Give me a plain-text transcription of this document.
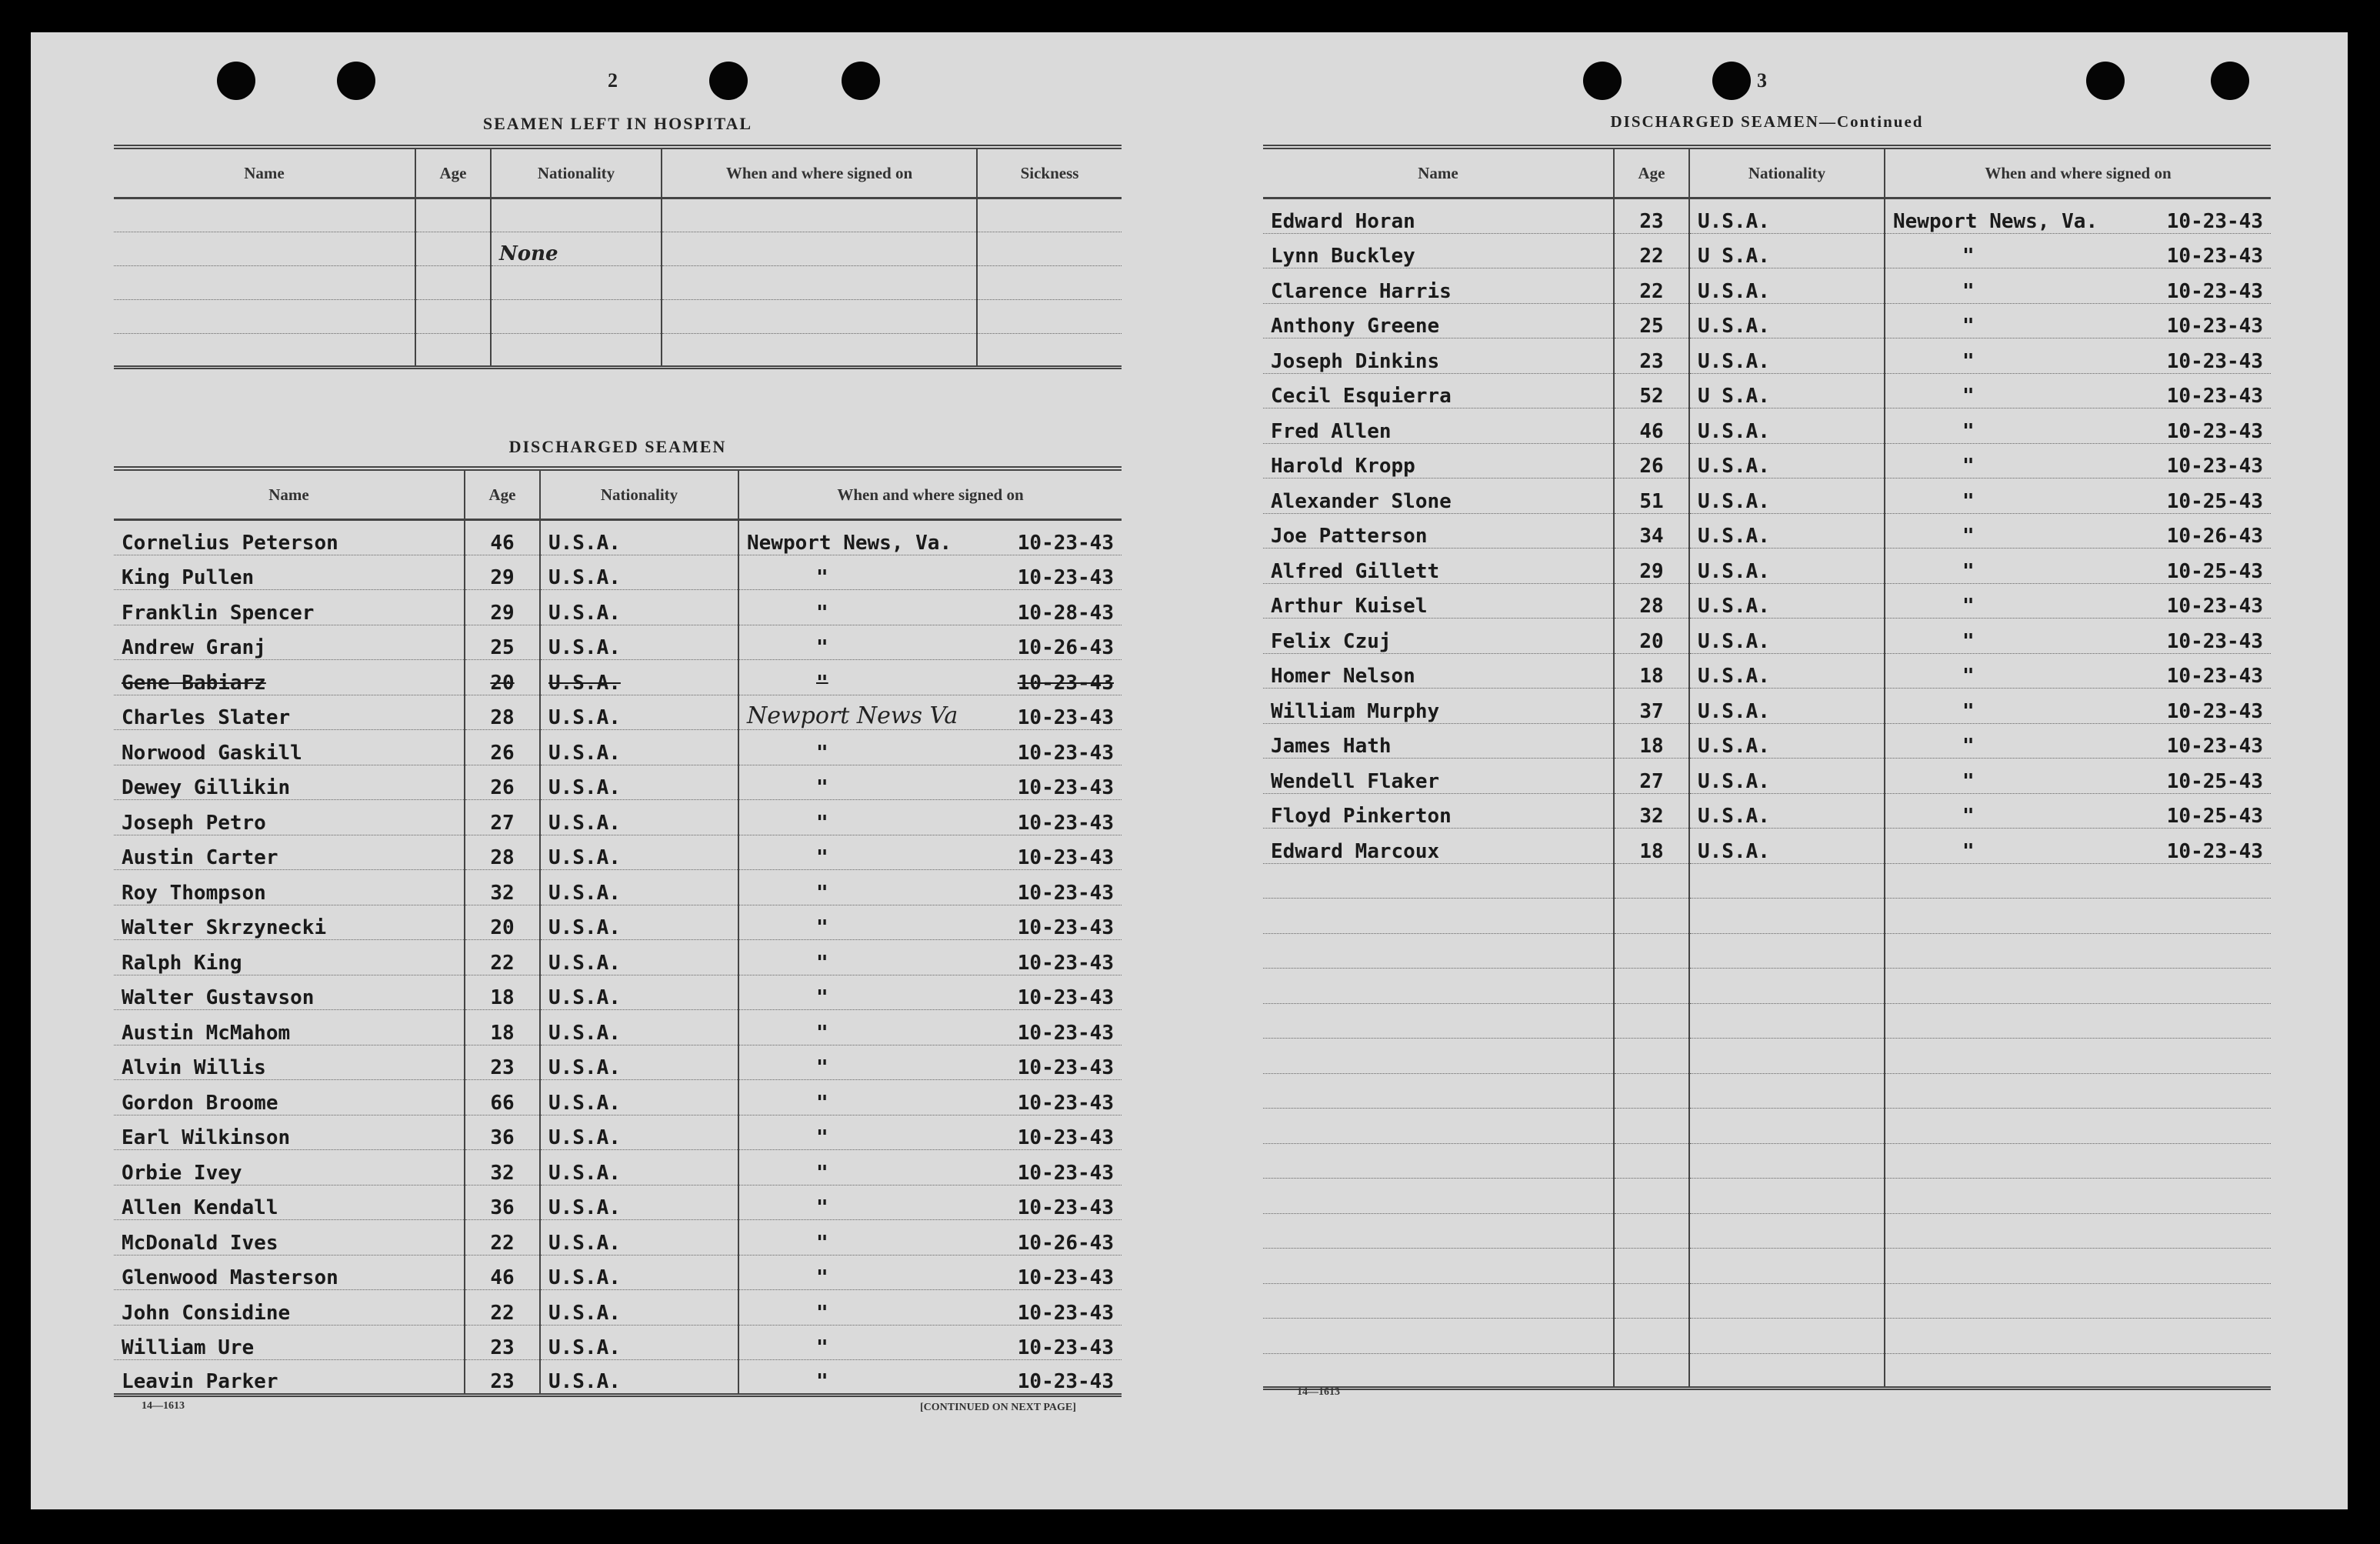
2
SEAMEN LEFT IN HOSPITAL
Name	Age	Nationality	When and where signed on	Sickness

		None		

DISCHARGED SEAMEN
Name	Age	Nationality	When and where signed on
Cornelius Peterson	46	U.S.A.	Newport News, Va. 10-23-43

King Pullen	29	U.S.A.	" 10-23-43

Franklin Spencer	29	U.S.A.	" 10-28-43

Andrew Granj	25	U.S.A.	" 10-26-43

Gene Babiarz	20	U.S.A.	" 10-23-43

Charles Slater	28	U.S.A.	Newport News Va 10-23-43

Norwood Gaskill	26	U.S.A.	" 10-23-43

Dewey Gillikin	26	U.S.A.	" 10-23-43

Joseph Petro	27	U.S.A.	" 10-23-43

Austin Carter	28	U.S.A.	" 10-23-43

Roy Thompson	32	U.S.A.	" 10-23-43

Walter Skrzynecki	20	U.S.A.	" 10-23-43

Ralph King	22	U.S.A.	" 10-23-43

Walter Gustavson	18	U.S.A.	" 10-23-43

Austin McMahom	18	U.S.A.	" 10-23-43

Alvin Willis	23	U.S.A.	" 10-23-43

Gordon Broome	66	U.S.A.	" 10-23-43

Earl Wilkinson	36	U.S.A.	" 10-23-43

Orbie Ivey	32	U.S.A.	" 10-23-43

Allen Kendall	36	U.S.A.	" 10-23-43

McDonald Ives	22	U.S.A.	" 10-26-43

Glenwood Masterson	46	U.S.A.	" 10-23-43

John Considine	22	U.S.A.	" 10-23-43

William Ure	23	U.S.A.	" 10-23-43

Leavin Parker	23	U.S.A.	" 10-23-43
14—1613	[CONTINUED ON NEXT PAGE]
3
DISCHARGED SEAMEN—Continued
Name	Age	Nationality	When and where signed on
Edward Horan	23	U.S.A.	Newport News, Va. 10-23-43

Lynn Buckley	22	U S.A.	" 10-23-43

Clarence Harris	22	U.S.A.	" 10-23-43

Anthony Greene	25	U.S.A.	" 10-23-43

Joseph Dinkins	23	U.S.A.	" 10-23-43

Cecil Esquierra	52	U S.A.	" 10-23-43

Fred Allen	46	U.S.A.	" 10-23-43

Harold Kropp	26	U.S.A.	" 10-23-43

Alexander Slone	51	U.S.A.	" 10-25-43

Joe Patterson	34	U.S.A.	" 10-26-43

Alfred Gillett	29	U.S.A.	" 10-25-43

Arthur Kuisel	28	U.S.A.	" 10-23-43

Felix Czuj	20	U.S.A.	" 10-23-43

Homer Nelson	18	U.S.A.	" 10-23-43

William Murphy	37	U.S.A.	" 10-23-43

James Hath	18	U.S.A.	" 10-23-43

Wendell Flaker	27	U.S.A.	" 10-25-43

Floyd Pinkerton	32	U.S.A.	" 10-25-43

Edward Marcoux	18	U.S.A.	" 10-23-43

14—1613
